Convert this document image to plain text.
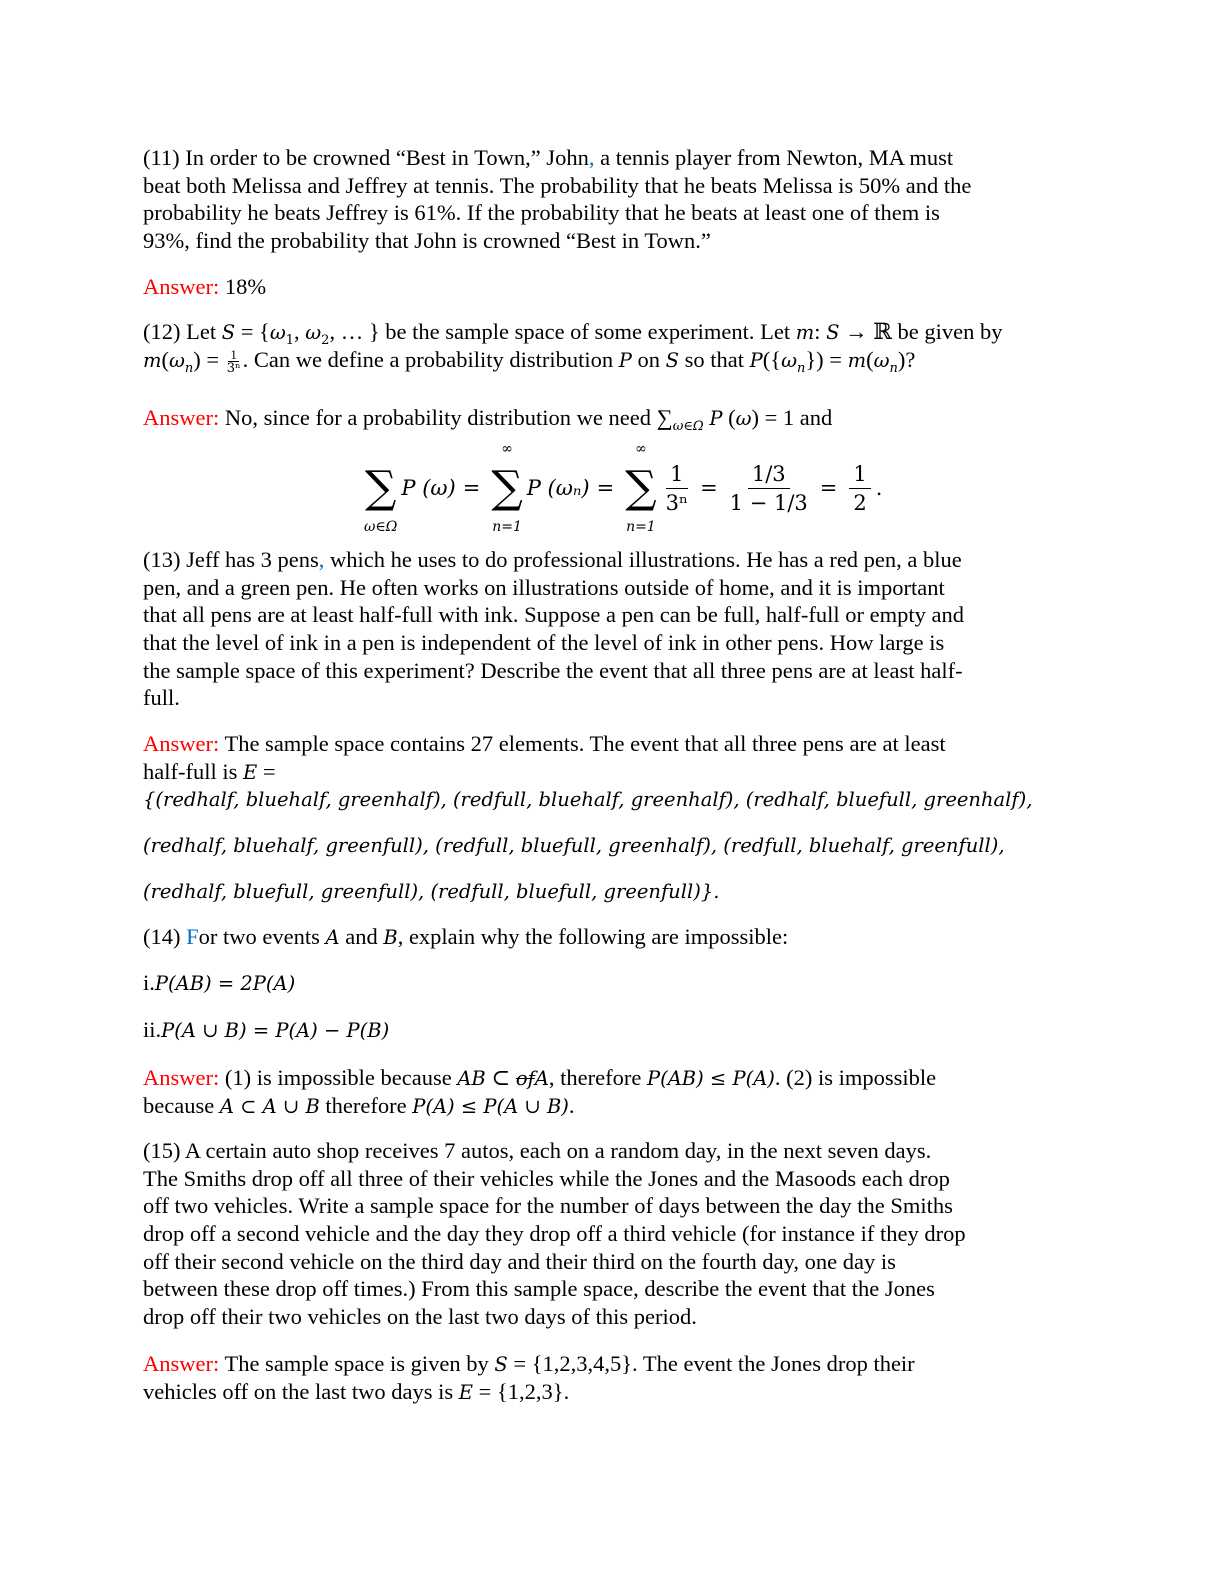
(11) In order to be crowned “Best in Town,” John, a tennis player from Newton, MA must
beat both Melissa and Jeffrey at tennis. The probability that he beats Melissa is 50% and the
probability he beats Jeffrey is 61%. If the probability that he beats at least one of them is
93%, find the probability that John is crowned “Best in Town.”
Answer: 18%
(12) Let $S = \{\omega_1$, $\omega_2$, … } be the sample space of some experiment. Let m: S → ℝ be given by
$m(\omega_n) = \frac{1}{\text{3ⁿ}}$ . Can we define a probability distribution P on S so that $P(\{\omega_n\}) = m(\omega_n)$?
Answer: No, since for a probability distribution we need $\sum_{\omega\in\Omega}$ P (ω) = 1 and
(13) Jeff has 3 pens, which he uses to do professional illustrations. He has a red pen, a blue
pen, and a green pen. He often works on illustrations outside of home, and it is important
that all pens are at least half-full with ink. Suppose a pen can be full, half-full or empty and
that the level of ink in a pen is independent of the level of ink in other pens. How large is
the sample space of this experiment? Describe the event that all three pens are at least half-
full.
Answer: The sample space contains 27 elements. The event that all three pens are at least
half-full is E =
{(redhalf, bluehalf, greenhalf), (redfull, bluehalf, greenhalf), (redhalf, bluefull, greenhalf),
(redhalf, bluehalf, greenfull), (redfull, bluefull, greenhalf), (redfull, bluehalf, greenfull),
(redhalf, bluefull, greenfull), (redfull, bluefull, greenfull)}.
(14) For two events A and B, explain why the following are impossible:
i.P(AB) = 2P(A)
ii.P(A ∪ B) = P(A) − P(B)
Answer: (1) is impossible because AB ⊂ ofA, therefore P(AB) ≤ P(A). (2) is impossible
because A ⊂ A ∪ B therefore P(A) ≤ P(A ∪ B).
(15) A certain auto shop receives 7 autos, each on a random day, in the next seven days.
The Smiths drop off all three of their vehicles while the Jones and the Masoods each drop
off two vehicles. Write a sample space for the number of days between the day the Smiths
drop off a second vehicle and the day they drop off a third vehicle (for instance if they drop
off their second vehicle on the third day and their third on the fourth day, one day is
between these drop off times.) From this sample space, describe the event that the Jones
drop off their two vehicles on the last two days of this period.
Answer: The sample space is given by S = {1,2,3,4,5}. The event the Jones drop their
vehicles off on the last two days is E = {1,2,3}.
∑
ω∈Ω
P (ω) =
∞
∑
n=1
P (ωₙ) =
∞
∑
n=1
$\frac{1}{\text{3ⁿ}} = \frac{1/3}{1 - 1/3} = \frac{1}{2}$ .
